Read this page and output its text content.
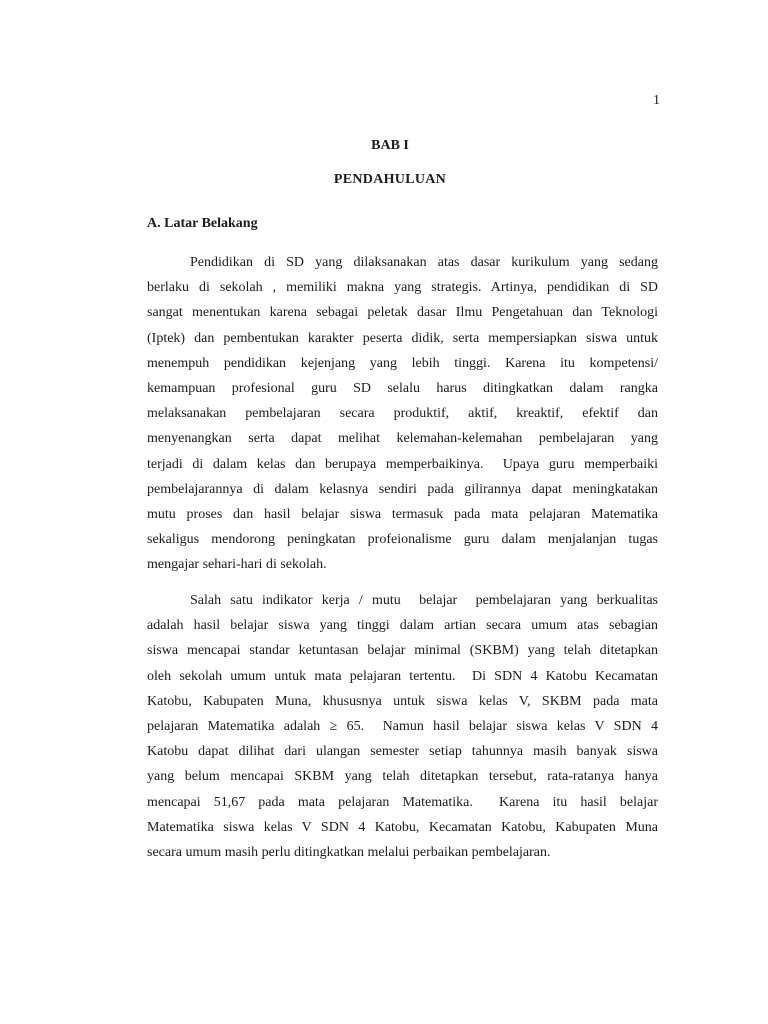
1
BAB I
PENDAHULUAN
A. Latar Belakang
Pendidikan di SD yang dilaksanakan atas dasar kurikulum yang sedang
berlaku di sekolah , memiliki makna yang strategis. Artinya, pendidikan di SD
sangat menentukan karena sebagai peletak dasar Ilmu Pengetahuan dan Teknologi
(Iptek) dan pembentukan karakter peserta didik, serta mempersiapkan siswa untuk
menempuh pendidikan kejenjang yang lebih tinggi. Karena itu kompetensi/
kemampuan profesional guru SD selalu harus ditingkatkan dalam rangka
melaksanakan pembelajaran secara produktif, aktif, kreaktif, efektif dan
menyenangkan serta dapat melihat kelemahan-kelemahan pembelajaran yang
terjadi di dalam kelas dan berupaya memperbaikinya.  Upaya guru memperbaiki
pembelajarannya di dalam kelasnya sendiri pada gilirannya dapat meningkatakan
mutu proses dan hasil belajar siswa termasuk pada mata pelajaran Matematika
sekaligus mendorong peningkatan profeionalisme guru dalam menjalanjan tugas
mengajar sehari-hari di sekolah.
Salah satu indikator kerja / mutu  belajar  pembelajaran yang berkualitas
adalah hasil belajar siswa yang tinggi dalam artian secara umum atas sebagian
siswa mencapai standar ketuntasan belajar minimal (SKBM) yang telah ditetapkan
oleh sekolah umum untuk mata pelajaran tertentu.  Di SDN 4 Katobu Kecamatan
Katobu, Kabupaten Muna, khususnya untuk siswa kelas V, SKBM pada mata
pelajaran Matematika adalah ≥ 65.  Namun hasil belajar siswa kelas V SDN 4
Katobu dapat dilihat dari ulangan semester setiap tahunnya masih banyak siswa
yang belum mencapai SKBM yang telah ditetapkan tersebut, rata-ratanya hanya
mencapai 51,67 pada mata pelajaran Matematika.  Karena itu hasil belajar
Matematika siswa kelas V SDN 4 Katobu, Kecamatan Katobu, Kabupaten Muna
secara umum masih perlu ditingkatkan melalui perbaikan pembelajaran.
